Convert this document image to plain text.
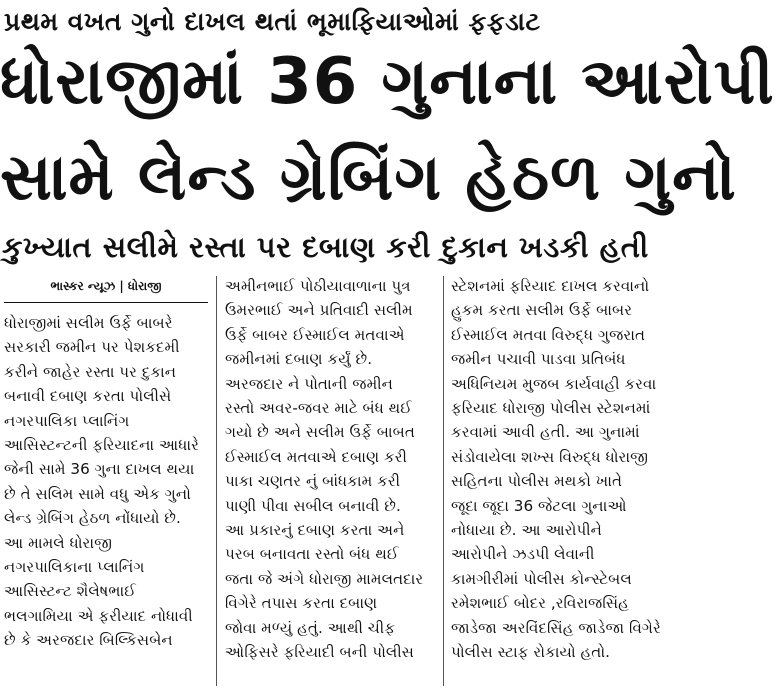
પ્રથમ વખત ગુનો દાખલ થતાં ભૂમાફિયાઓમાં ફફડાટ
ધોરાજીમાં 36 ગુનાના આરોપી
સામે લેન્ડ ગ્રેબિંગ હેઠળ ગુનો
કુખ્યાત સલીમે રસ્તા પર દબાણ કરી દુકાન ખડકી હતી
ભાસ્કર ન્યૂઝ | ધોરાજી

ધોરાજીમાં સલીમ ઉર્ફે બાબરે
સરકારી જમીન પર પેશકદમી
કરીને જાહેર રસ્તા પર દુકાન
બનાવી દબાણ કરતા પોલીસે
નગરપાલિકા પ્લાનિંગ
આસિસ્ટન્ટની ફરિયાદના આધારે
જેની સામે 36 ગુના દાખલ થયા
છે તે સલિમ સામે વધુ એક ગુનો
લેન્ડ ગ્રેબિંગ હેઠળ નોંધાયો છે.
આ મામલે ધોરાજી
નગરપાલિકાના પ્લાનિંગ
આસિસ્ટન્ટ શૈલેષભાઈ
ભલગામિયા એ ફરીયાદ નોધાવી
છે કે અરજદાર બિલ્કિસબેન

અમીનભાઈ પોઠીયાવાળાના પુત્ર
ઉમરભાઈ અને પ્રતિવાદી સલીમ
ઉર્ફે બાબર ઈસ્માઈલ મતવાએ
જમીનમાં દબાણ કર્યું છે.
અરજદાર ને પોતાની જમીન
રસ્તો અવર-જવર માટે બંધ થઈ
ગયો છે અને સલીમ ઉર્ફે બાબત
ઈસ્માઈલ મતવાએ દબાણ કરી
પાકા ચણતર નું બાંધકામ કરી
પાણી પીવા સબીલ બનાવી છે.
આ પ્રકારનું દબાણ કરતા અને
પરબ બનાવતા રસ્તો બંધ થઈ
જતા જે અંગે ધોરાજી મામલતદાર
વિગેરે તપાસ કરતા દબાણ
જોવા મળ્યું હતું. આથી ચીફ
ઓફિસરે ફરિયાદી બની પોલીસ

સ્ટેશનમાં ફરિયાદ દાખલ કરવાનો
હુકમ કરતા સલીમ ઉર્ફે બાબર
ઈસ્માઈલ મતવા વિરુદ્ધ ગુજરાત
જમીન પચાવી પાડવા પ્રતિબંધ
અધિનિયમ મુજબ કાર્યવાહી કરવા
ફરિયાદ ધોરાજી પોલીસ સ્ટેશનમાં
કરવામાં આવી હતી. આ ગુનામાં
સંડોવાયેલા શખ્સ વિરુદ્ધ ધોરાજી
સહિતના પોલીસ મથકો ખાતે
જૂદા જૂદા 36 જેટલા ગુનાઓ
નોધાયા છે. આ આરોપીને
આરોપીને ઝડપી લેવાની
કામગીરીમાં પોલીસ કોન્સ્ટેબલ
રમેશભાઈ બોદર ,રવિરાજસિંહ
જાડેજા અરવિંદસિંહ જાડેજા વિગેરે
પોલીસ સ્ટાફ રોકાયો હતો.
